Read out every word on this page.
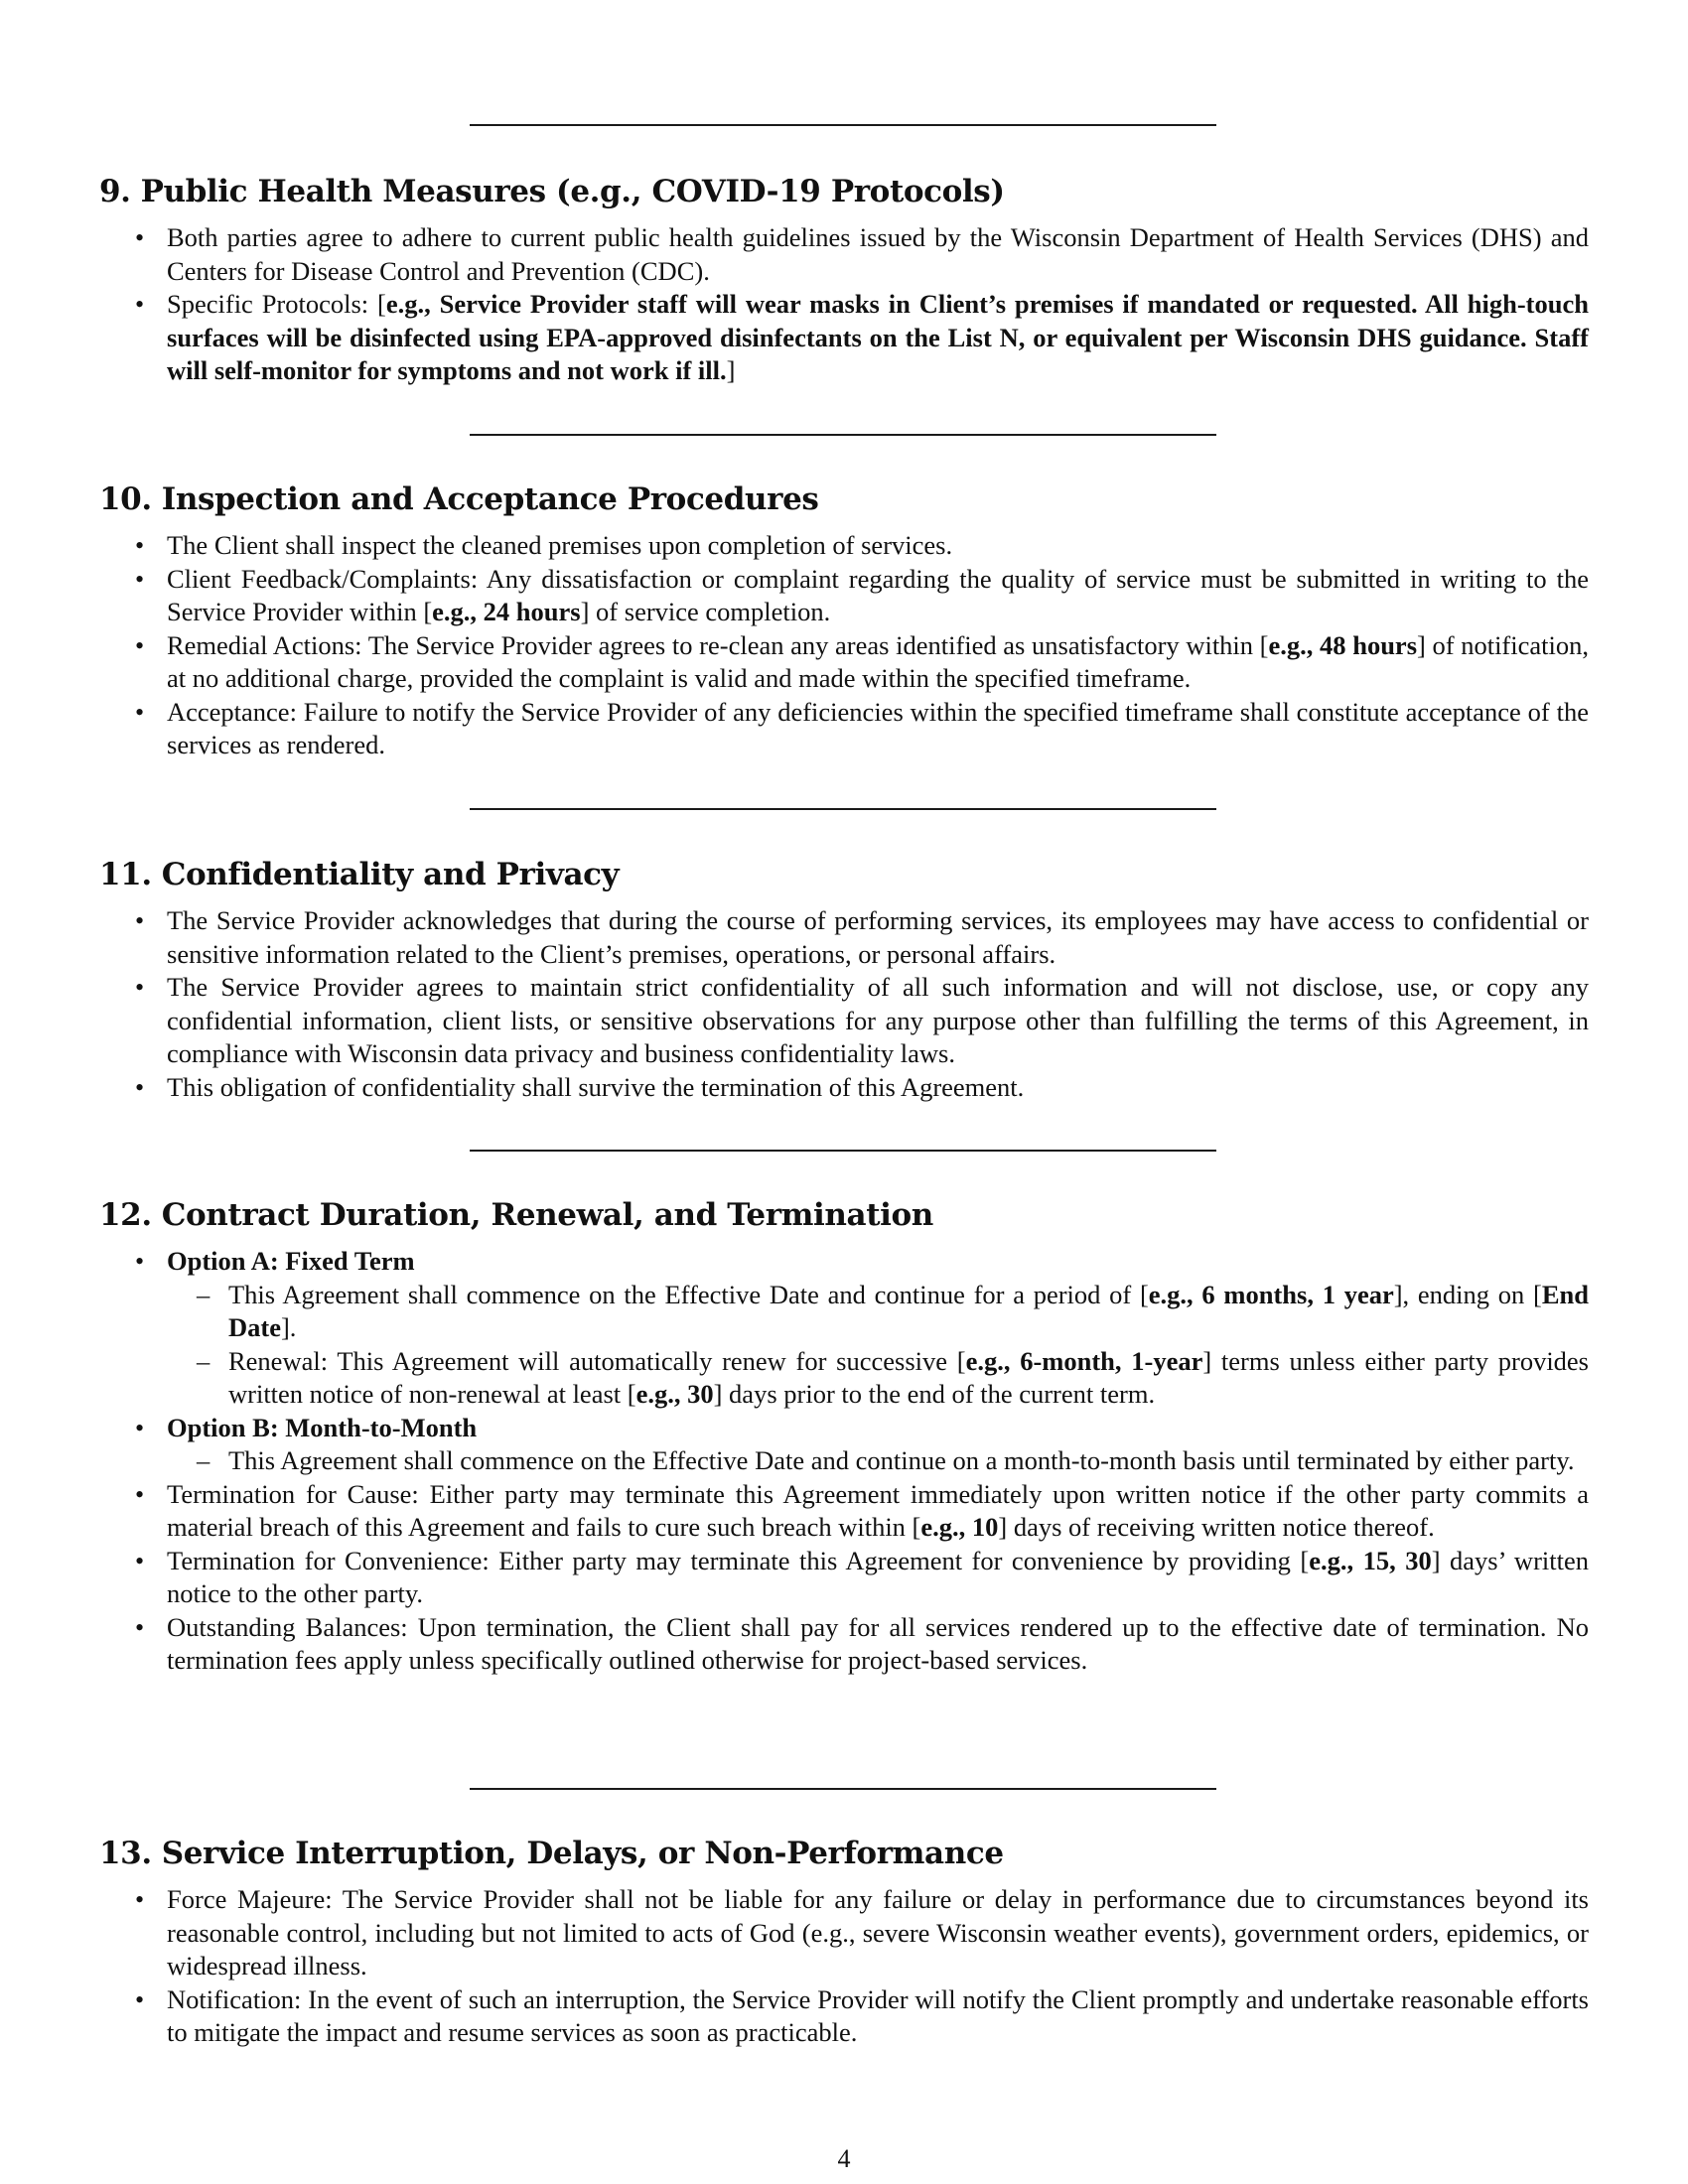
9. Public Health Measures (e.g., COVID-19 Protocols)
• Both parties agree to adhere to current public health guidelines issued by the Wisconsin Department of Health Services (DHS) and Centers for Disease Control and Prevention (CDC).
• Specific Protocols: [e.g., Service Provider staff will wear masks in Client’s premises if mandated or requested. All high-touch surfaces will be disinfected using EPA-approved disinfectants on the List N, or equivalent per Wisconsin DHS guidance. Staff will self-monitor for symptoms and not work if ill.]
10. Inspection and Acceptance Procedures
• The Client shall inspect the cleaned premises upon completion of services.
• Client Feedback/Complaints: Any dissatisfaction or complaint regarding the quality of service must be submitted in writing to the Service Provider within [e.g., 24 hours] of service completion.
• Remedial Actions: The Service Provider agrees to re-clean any areas identified as unsatisfactory within [e.g., 48 hours] of notification, at no additional charge, provided the complaint is valid and made within the specified timeframe.
• Acceptance: Failure to notify the Service Provider of any deficiencies within the specified timeframe shall constitute acceptance of the services as rendered.
11. Confidentiality and Privacy
• The Service Provider acknowledges that during the course of performing services, its employees may have access to confidential or sensitive information related to the Client’s premises, operations, or personal affairs.
• The Service Provider agrees to maintain strict confidentiality of all such information and will not disclose, use, or copy any confidential information, client lists, or sensitive observations for any purpose other than fulfilling the terms of this Agreement, in compliance with Wisconsin data privacy and business confidentiality laws.
• This obligation of confidentiality shall survive the termination of this Agreement.
12. Contract Duration, Renewal, and Termination
• Option A: Fixed Term
– This Agreement shall commence on the Effective Date and continue for a period of [e.g., 6 months, 1 year], ending on [End Date].
– Renewal: This Agreement will automatically renew for successive [e.g., 6-month, 1-year] terms unless either party provides written notice of non-renewal at least [e.g., 30] days prior to the end of the current term.
• Option B: Month-to-Month
– This Agreement shall commence on the Effective Date and continue on a month-to-month basis until terminated by either party.
• Termination for Cause: Either party may terminate this Agreement immediately upon written notice if the other party commits a material breach of this Agreement and fails to cure such breach within [e.g., 10] days of receiving written notice thereof.
• Termination for Convenience: Either party may terminate this Agreement for convenience by providing [e.g., 15, 30] days’ written notice to the other party.
• Outstanding Balances: Upon termination, the Client shall pay for all services rendered up to the effective date of termination. No termination fees apply unless specifically outlined otherwise for project-based services.
13. Service Interruption, Delays, or Non-Performance
• Force Majeure: The Service Provider shall not be liable for any failure or delay in performance due to circumstances beyond its reasonable control, including but not limited to acts of God (e.g., severe Wisconsin weather events), government orders, epidemics, or widespread illness.
• Notification: In the event of such an interruption, the Service Provider will notify the Client promptly and undertake reasonable efforts to mitigate the impact and resume services as soon as practicable.
4
